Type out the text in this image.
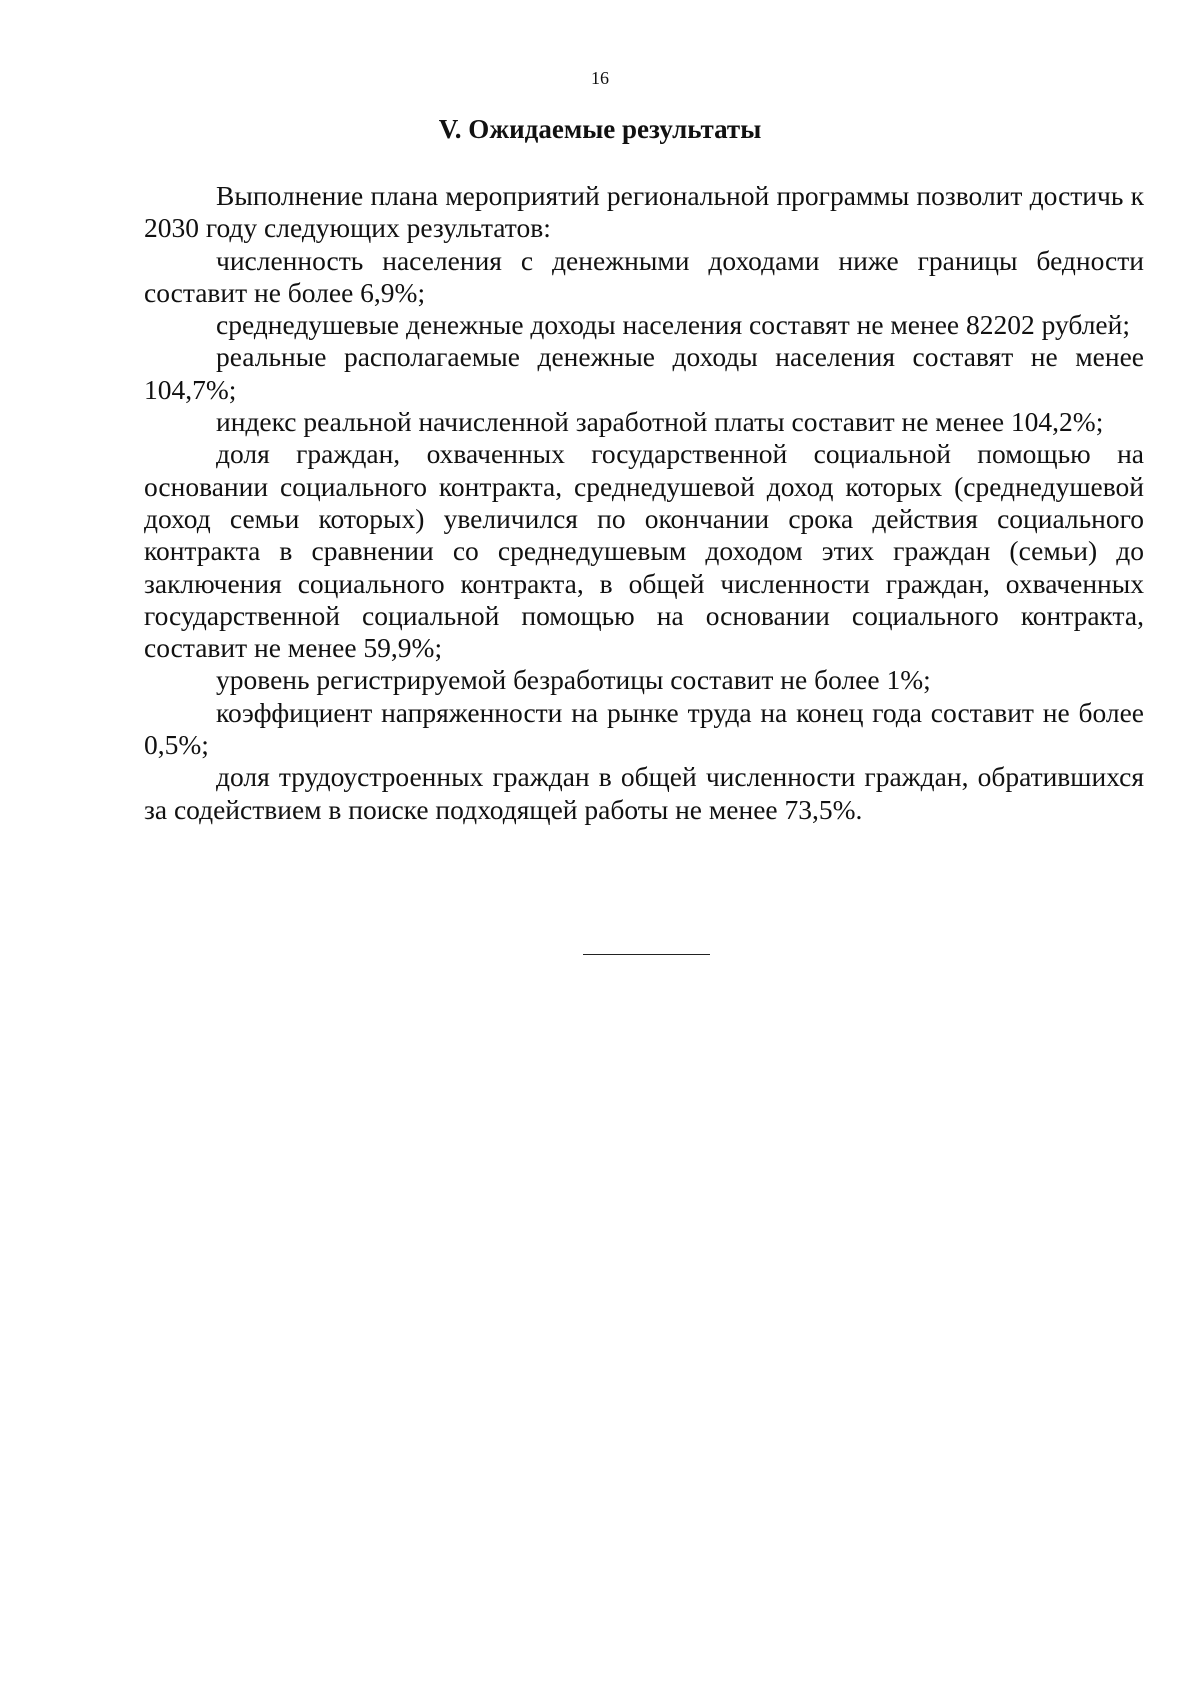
16
V. Ожидаемые результаты

Выполнение плана мероприятий региональной программы позволит достичь к 2030 году следующих результатов:

численность населения с денежными доходами ниже границы бедности составит не более 6,9%;

среднедушевые денежные доходы населения составят не менее 82202 рублей;

реальные располагаемые денежные доходы населения составят не менее 104,7%;

индекс реальной начисленной заработной платы составит не менее 104,2%;

доля граждан, охваченных государственной социальной помощью на основании социального контракта, среднедушевой доход которых (среднедушевой доход семьи которых) увеличился по окончании срока действия социального контракта в сравнении со среднедушевым доходом этих граждан (семьи) до заключения социального контракта, в общей численности граждан, охваченных государственной социальной помощью на основании социального контракта, составит не менее 59,9%;

уровень регистрируемой безработицы составит не более 1%;

коэффициент напряженности на рынке труда на конец года составит не более 0,5%;

доля трудоустроенных граждан в общей численности граждан, обратившихся за содействием в поиске подходящей работы не менее 73,5%.
